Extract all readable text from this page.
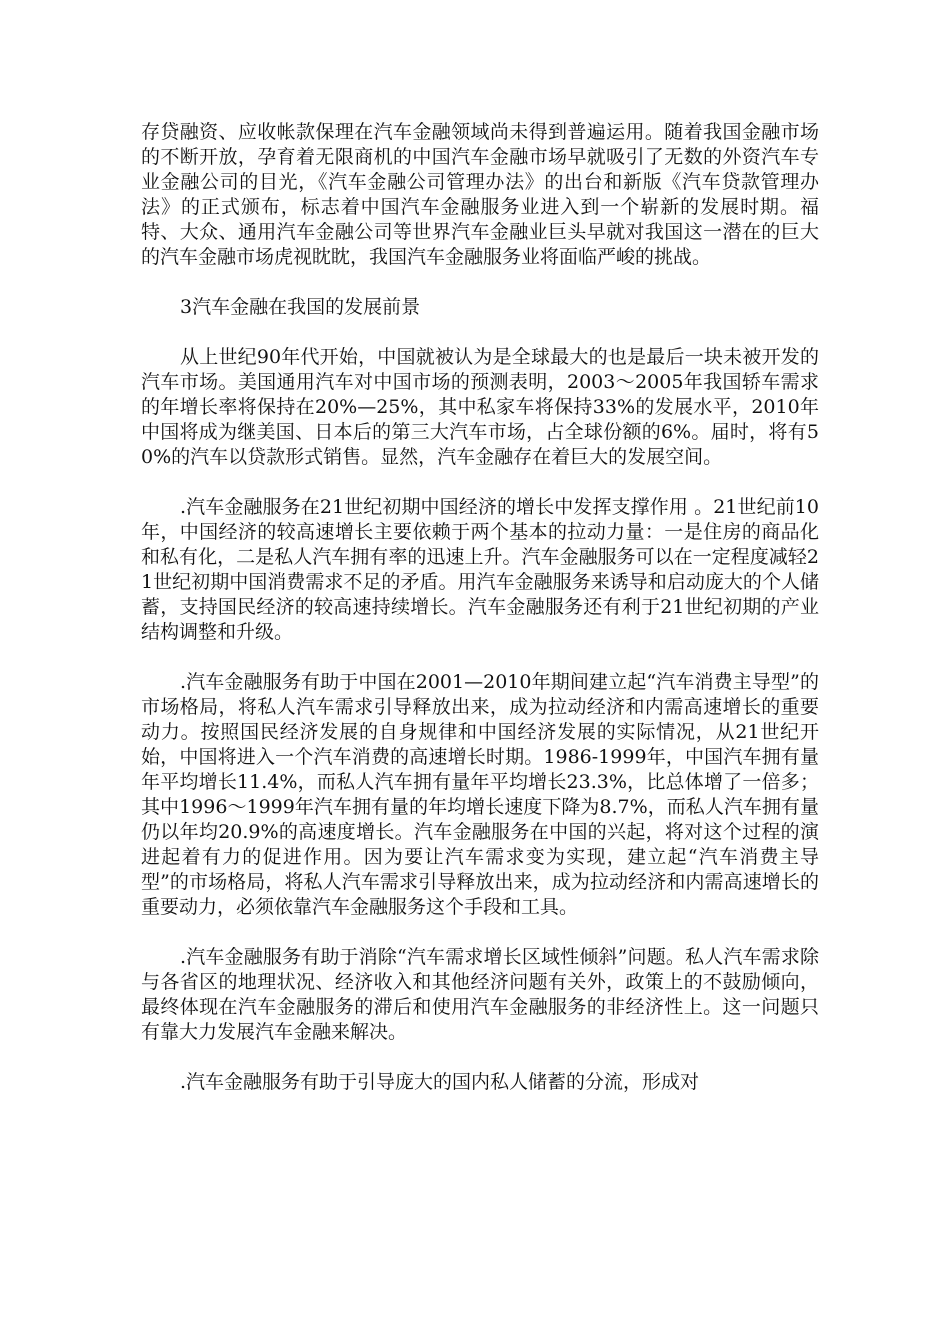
存贷融资、应收帐款保理在汽车金融领域尚未得到普遍运用。随着我国金融市场的不断开放，孕育着无限商机的中国汽车金融市场早就吸引了无数的外资汽车专业金融公司的目光，《汽车金融公司管理办法》的出台和新版《汽车贷款管理办法》的正式颁布，标志着中国汽车金融服务业进入到一个崭新的发展时期。福特、大众、通用汽车金融公司等世界汽车金融业巨头早就对我国这一潜在的巨大的汽车金融市场虎视眈眈，我国汽车金融服务业将面临严峻的挑战。

3汽车金融在我国的发展前景

从上世纪90年代开始，中国就被认为是全球最大的也是最后一块未被开发的汽车市场。美国通用汽车对中国市场的预测表明，2003～2005年我国轿车需求的年增长率将保持在20%—25%，其中私家车将保持33%的发展水平，2010年中国将成为继美国、日本后的第三大汽车市场，占全球份额的6%。届时，将有50%的汽车以贷款形式销售。显然，汽车金融存在着巨大的发展空间。

.汽车金融服务在21世纪初期中国经济的增长中发挥支撑作用 。21世纪前10年，中国经济的较高速增长主要依赖于两个基本的拉动力量：一是住房的商品化和私有化，二是私人汽车拥有率的迅速上升。汽车金融服务可以在一定程度减轻21世纪初期中国消费需求不足的矛盾。用汽车金融服务来诱导和启动庞大的个人储蓄，支持国民经济的较高速持续增长。汽车金融服务还有利于21世纪初期的产业结构调整和升级。

.汽车金融服务有助于中国在2001—2010年期间建立起“汽车消费主导型”的市场格局，将私人汽车需求引导释放出来，成为拉动经济和内需高速增长的重要动力。按照国民经济发展的自身规律和中国经济发展的实际情况，从21世纪开始，中国将进入一个汽车消费的高速增长时期。1986-1999年，中国汽车拥有量年平均增长11.4%，而私人汽车拥有量年平均增长23.3%，比总体增了一倍多；其中1996～1999年汽车拥有量的年均增长速度下降为8.7%，而私人汽车拥有量仍以年均20.9%的高速度增长。汽车金融服务在中国的兴起，将对这个过程的演进起着有力的促进作用。因为要让汽车需求变为实现，建立起“汽车消费主导型”的市场格局，将私人汽车需求引导释放出来，成为拉动经济和内需高速增长的重要动力，必须依靠汽车金融服务这个手段和工具。

.汽车金融服务有助于消除“汽车需求增长区域性倾斜”问题。私人汽车需求除与各省区的地理状况、经济收入和其他经济问题有关外，政策上的不鼓励倾向，最终体现在汽车金融服务的滞后和使用汽车金融服务的非经济性上。这一问题只有靠大力发展汽车金融来解决。

.汽车金融服务有助于引导庞大的国内私人储蓄的分流，形成对
